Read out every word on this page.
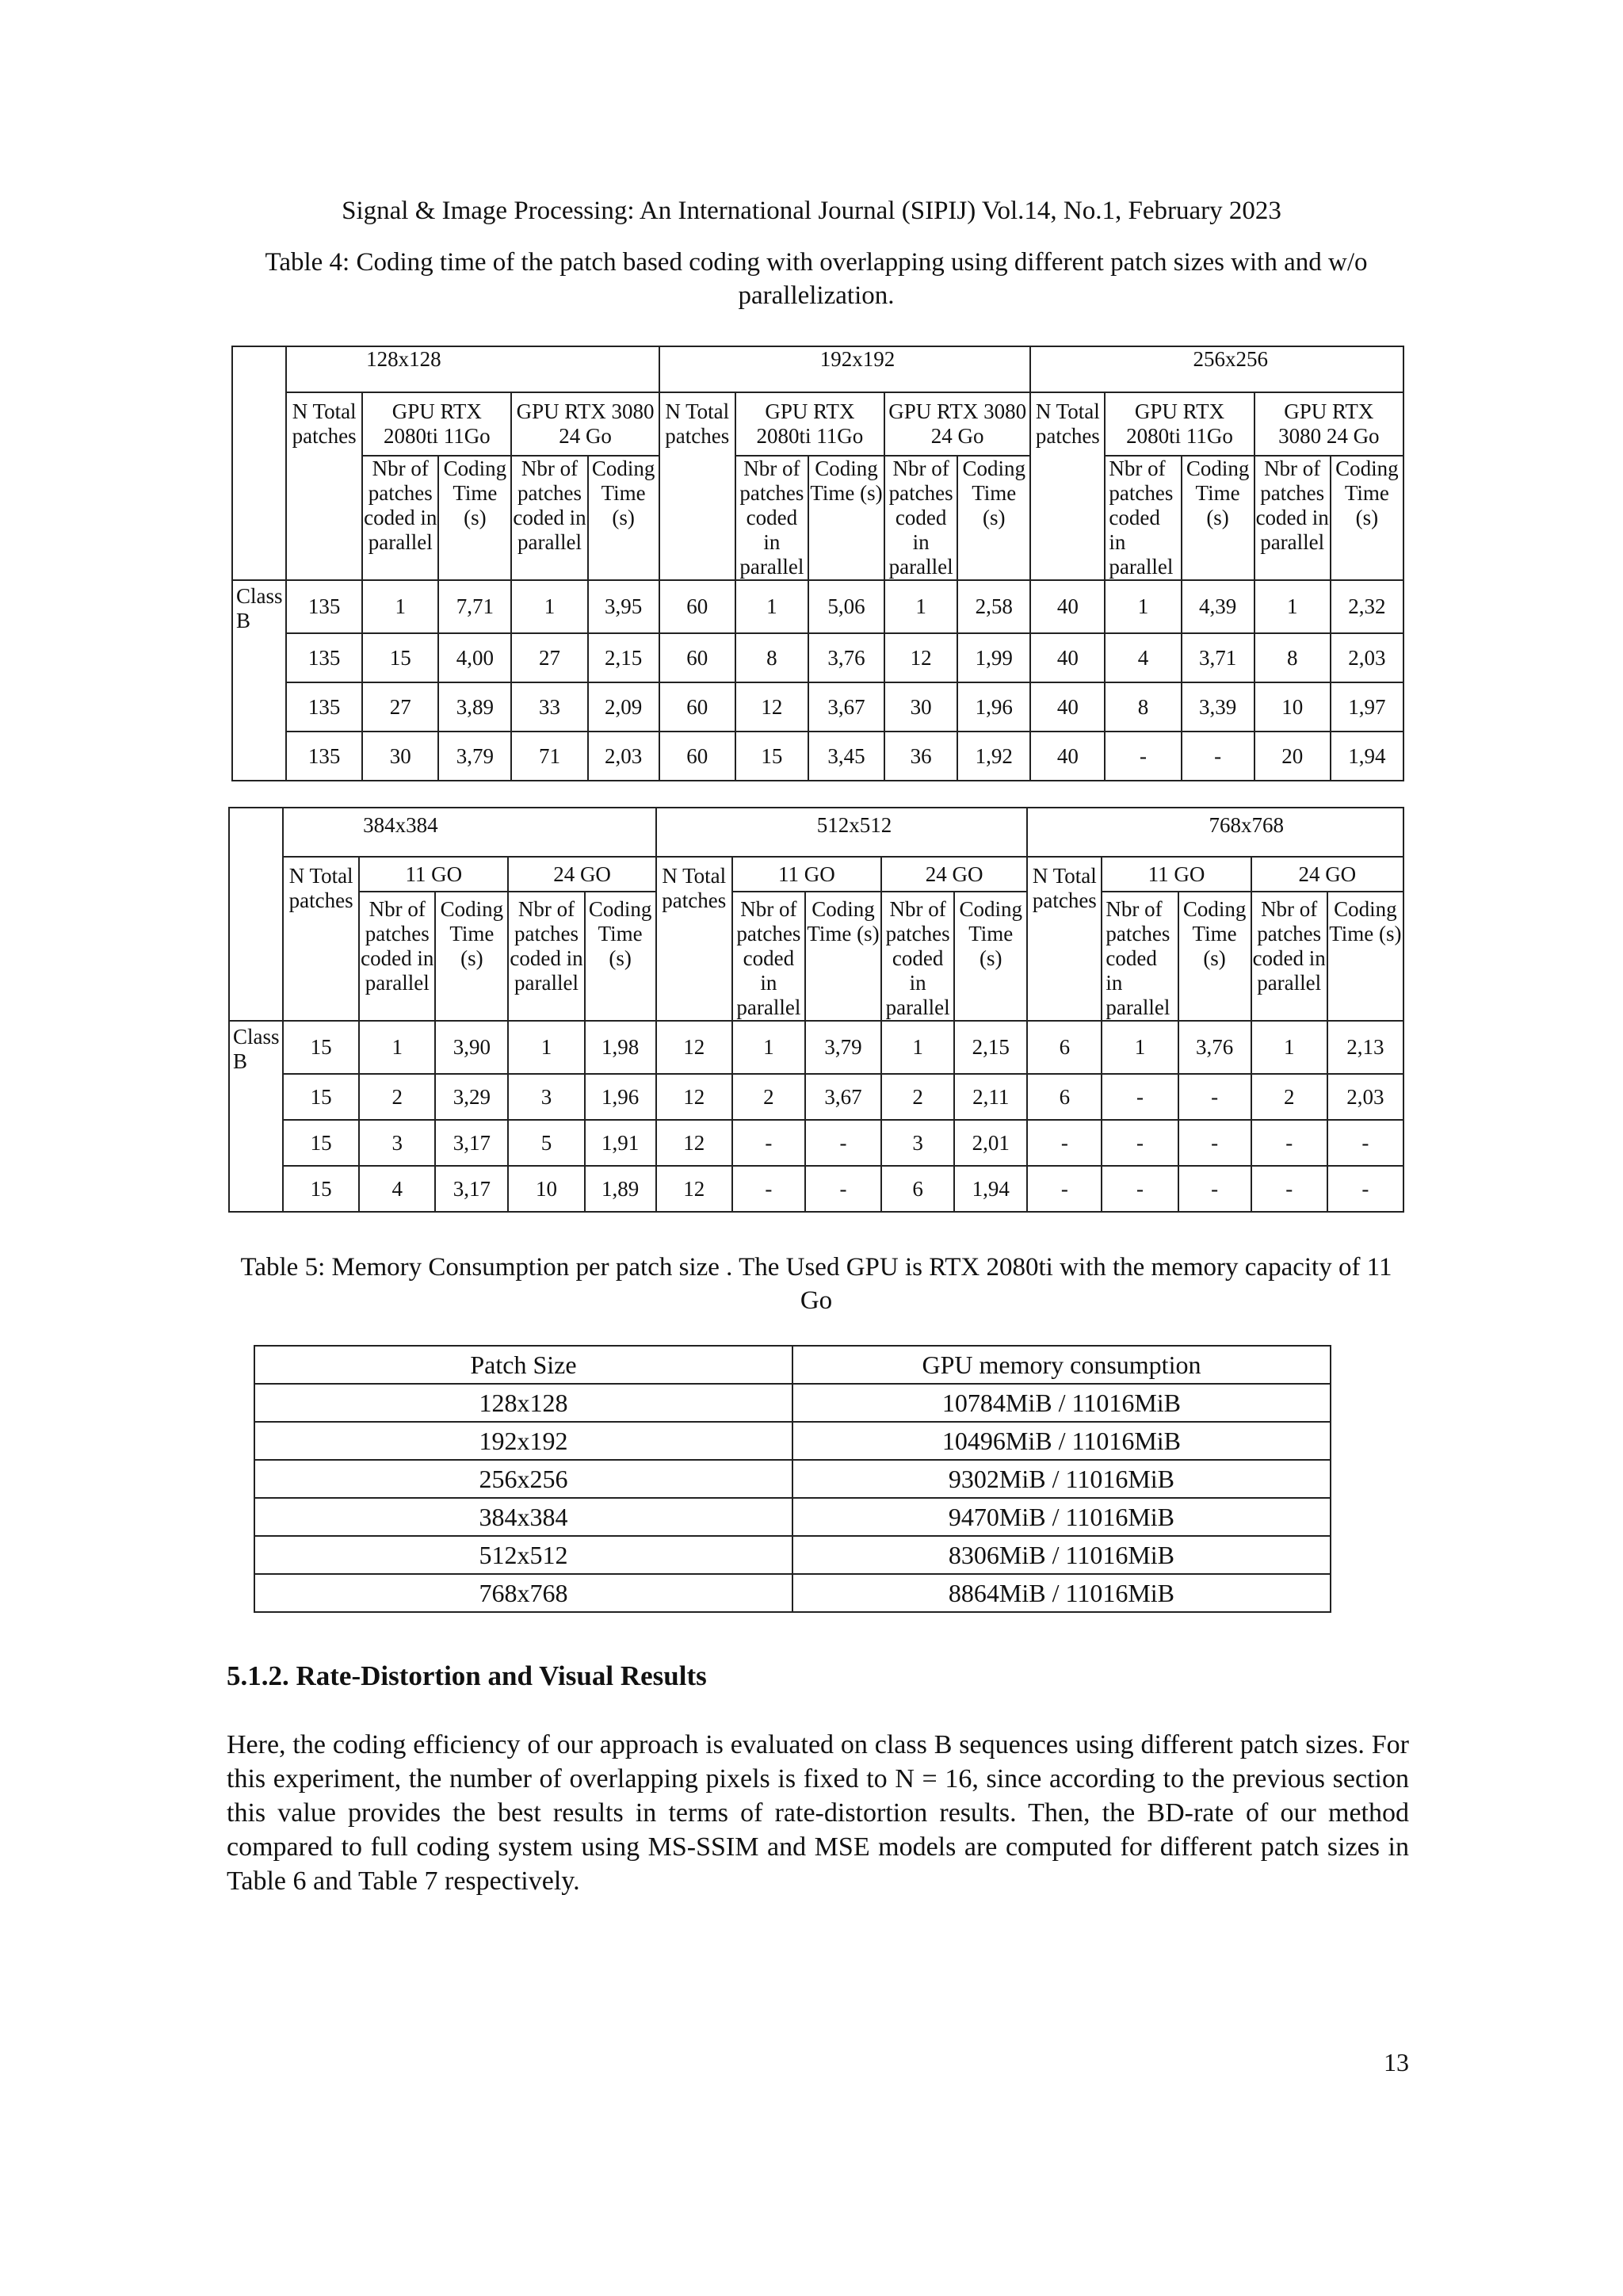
Signal & Image Processing: An International Journal (SIPIJ) Vol.14, No.1, February 2023
Table 4: Coding time of the patch based coding with overlapping using different patch sizes with and w/o parallelization.
	128x128					192x192					256x256				

	N Total patches	GPU RTX 2080ti 11Go		GPU RTX 3080 24 Go		N Total patches	GPU RTX 2080ti 11Go		GPU RTX 3080 24 Go		N Total patches	GPU RTX 2080ti 11Go		GPU RTX 3080 24 Go	

		Nbr of patches coded in parallel	Coding Time (s)	Nbr of patches coded in parallel	Coding Time (s)		Nbr of patches coded in parallel	Coding Time (s)	Nbr of patches coded in parallel	Coding Time (s)		Nbr of patches coded in parallel	Coding Time (s)	Nbr of patches coded in parallel	Coding Time (s)
Class B	135	1	7,71	1	3,95	60	1	5,06	1	2,58	40	1	4,39	1	2,32
	135	15	4,00	27	2,15	60	8	3,76	12	1,99	40	4	3,71	8	2,03
	135	27	3,89	33	2,09	60	12	3,67	30	1,96	40	8	3,39	10	1,97
	135	30	3,79	71	2,03	60	15	3,45	36	1,92	40	-	-	20	1,94
	384x384					512x512					768x768				

	N Total patches	11 GO		24 GO		N Total patches	11 GO		24 GO		N Total patches	11 GO		24 GO	

		Nbr of patches coded in parallel	Coding Time (s)	Nbr of patches coded in parallel	Coding Time (s)		Nbr of patches coded in parallel	Coding Time (s)	Nbr of patches coded in parallel	Coding Time (s)		Nbr of patches coded in parallel	Coding Time (s)	Nbr of patches coded in parallel	Coding Time (s)

Class B	15	1	3,90	1	1,98	12	1	3,79	1	2,15	6	1	3,76	1	2,13
	15	2	3,29	3	1,96	12	2	3,67	2	2,11	6	-	-	2	2,03
	15	3	3,17	5	1,91	12	-	-	3	2,01	-	-	-	-	-
	15	4	3,17	10	1,89	12	-	-	6	1,94	-	-	-	-	-
Table 5: Memory Consumption per patch size . The Used GPU is RTX 2080ti with the memory capacity of 11 Go
Patch Size	GPU memory consumption
128x128	10784MiB / 11016MiB
192x192	10496MiB / 11016MiB
256x256	9302MiB / 11016MiB
384x384	9470MiB / 11016MiB
512x512	8306MiB / 11016MiB
768x768	8864MiB / 11016MiB
5.1.2. Rate-Distortion and Visual Results
Here, the coding efficiency of our approach is evaluated on class B sequences using different patch sizes. For this experiment, the number of overlapping pixels is fixed to N = 16, since according to the previous section this value provides the best results in terms of rate-distortion results. Then, the BD-rate of our method compared to full coding system using MS-SSIM and MSE models are computed for different patch sizes in Table 6 and Table 7 respectively.
13
